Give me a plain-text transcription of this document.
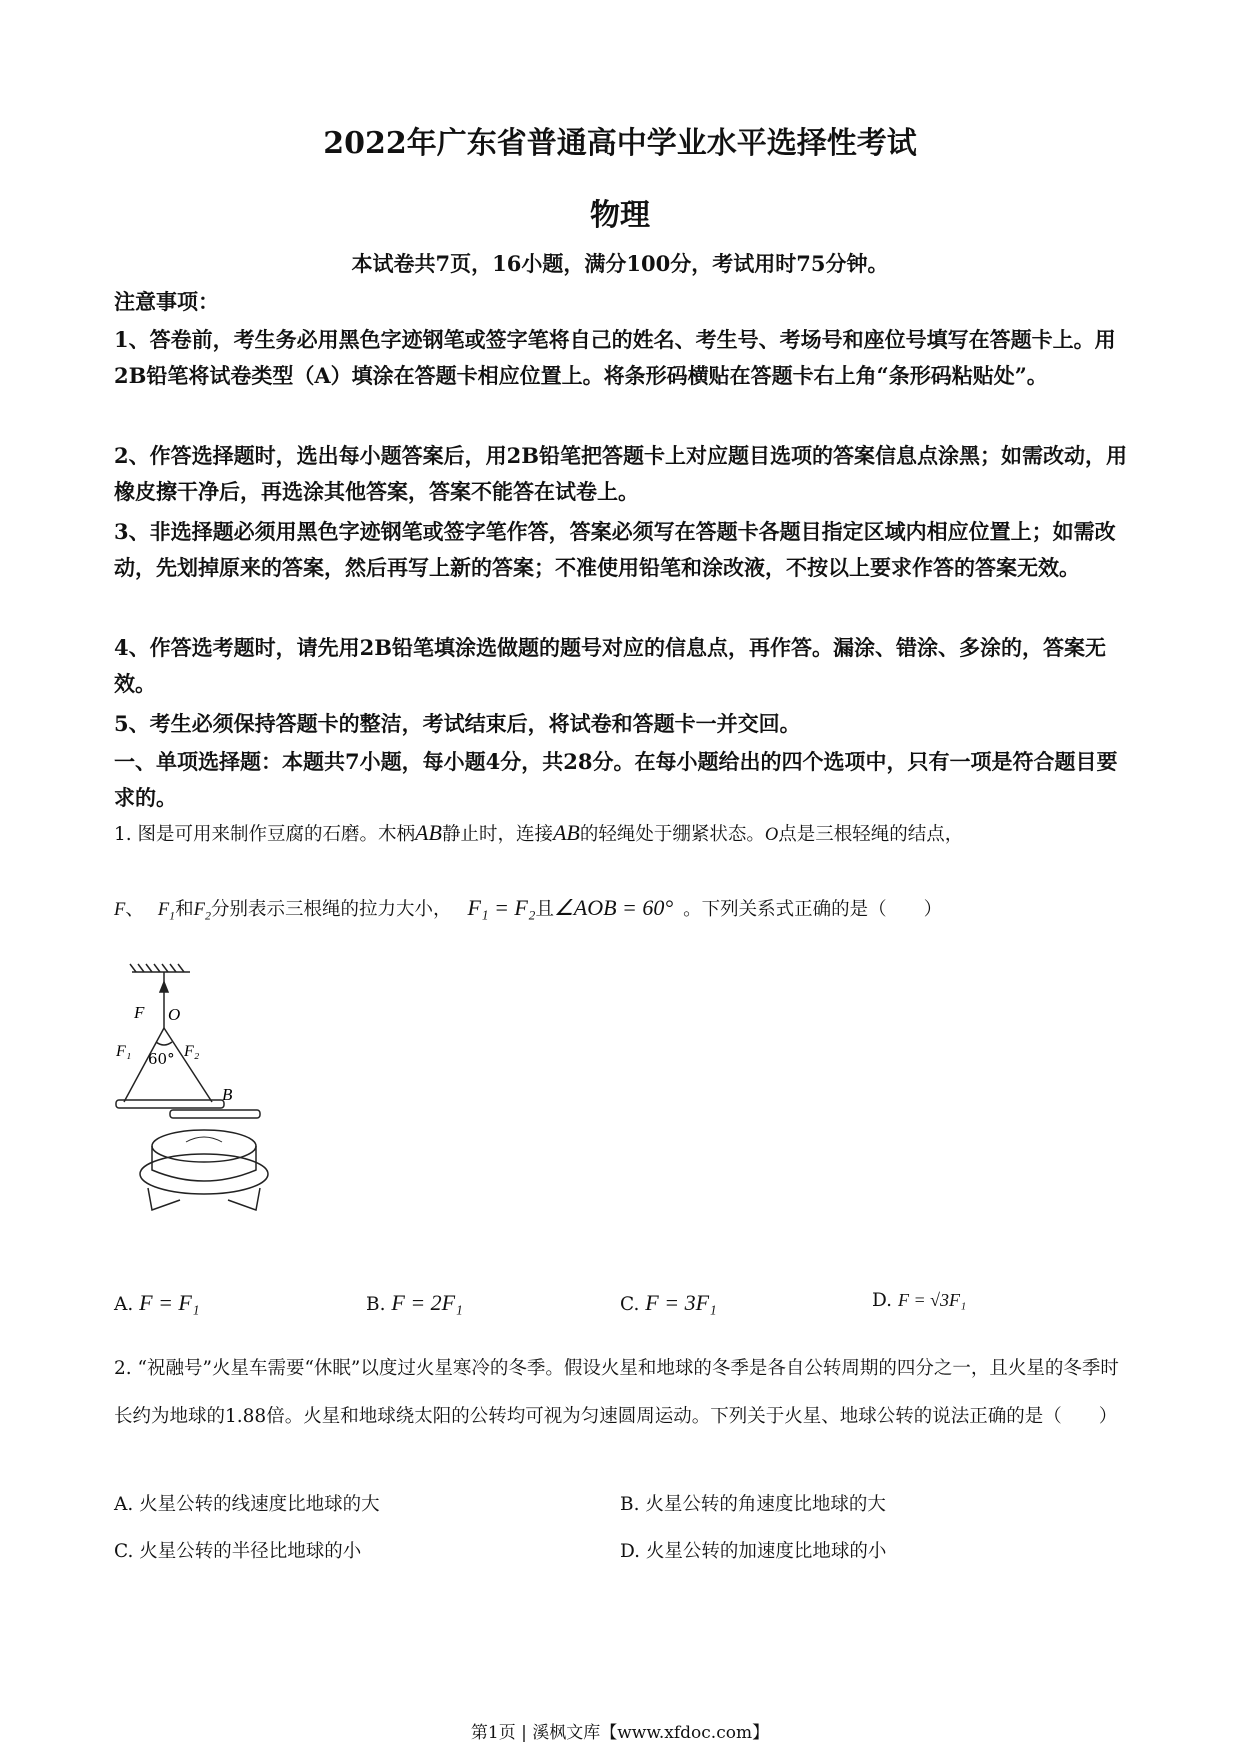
2022年广东省普通高中学业水平选择性考试
物理
本试卷共7页，16小题，满分100分，考试用时75分钟。
注意事项：
1、答卷前，考生务必用黑色字迹钢笔或签字笔将自己的姓名、考生号、考场号和座位号填写在答题卡上。用2B铅笔将试卷类型（A）填涂在答题卡相应位置上。将条形码横贴在答题卡右上角“条形码粘贴处”。
2、作答选择题时，选出每小题答案后，用2B铅笔把答题卡上对应题目选项的答案信息点涂黑；如需改动，用橡皮擦干净后，再选涂其他答案，答案不能答在试卷上。
3、非选择题必须用黑色字迹钢笔或签字笔作答，答案必须写在答题卡各题目指定区域内相应位置上；如需改动，先划掉原来的答案，然后再写上新的答案；不准使用铅笔和涂改液，不按以上要求作答的答案无效。
4、作答选考题时，请先用2B铅笔填涂选做题的题号对应的信息点，再作答。漏涂、错涂、多涂的，答案无效。
5、考生必须保持答题卡的整洁，考试结束后，将试卷和答题卡一并交回。
一、单项选择题：本题共7小题，每小题4分，共28分。在每小题给出的四个选项中，只有一项是符合题目要求的。
1. 图是可用来制作豆腐的石磨。木柄AB静止时，连接AB的轻绳处于绷紧状态。O点是三根轻绳的结点，
F、 $F_1$和$F_2$分别表示三根绳的拉力大小， F₁ = F₂且∠AOB = 60° 。下列关系式正确的是（　　）
F O
F₁	F₂
60°
B
A. F = F₁	B. F = 2F₁	C. F = 3F₁	D. F = √3F₁
2. “祝融号”火星车需要“休眠”以度过火星寒冷的冬季。假设火星和地球的冬季是各自公转周期的四分之一，且火星的冬季时长约为地球的1.88倍。火星和地球绕太阳的公转均可视为匀速圆周运动。下列关于火星、地球公转的说法正确的是（　　）
A. 火星公转的线速度比地球的大	B. 火星公转的角速度比地球的大
C. 火星公转的半径比地球的小	D. 火星公转的加速度比地球的小
第1页 | 溪枫文库【www.xfdoc.com】
